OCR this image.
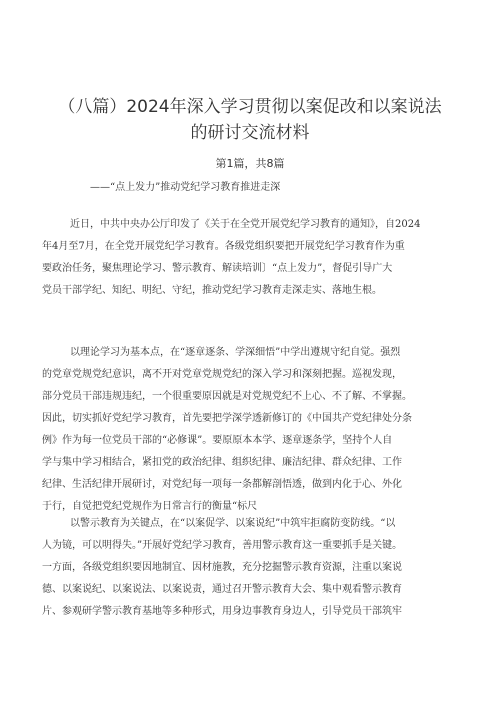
（八篇）2024年深入学习贯彻以案促改和以案说法
的研讨交流材料
第1篇，共8篇
——“点上发力”推动党纪学习教育推进走深

近日，中共中央办公厅印发了《关于在全党开展党纪学习教育的通知》，自2024
年4月至7月，在全党开展党纪学习教育。各级党组织要把开展党纪学习教育作为重
要政治任务，聚焦理论学习、警示教育、解读培训〕“点上发力”，督促引导广大
党员干部学纪、知纪、明纪、守纪，推动党纪学习教育走深走实、落地生根。

以理论学习为基本点，在“逐章逐条、学深细悟”中学出遵规守纪自觉。强烈
的党章党规党纪意识，离不开对党章党规党纪的深入学习和深刻把握。巡视发现，
部分党员干部违规违纪，一个很重要原因就是对党规党纪不上心、不了解、不掌握。
因此，切实抓好党纪学习教育，首先要把学深学透新修订的《中国共产党纪律处分条
例》作为每一位党员干部的“必修课”。要原原本本学、逐章逐条学，坚持个人自
学与集中学习相结合，紧扣党的政治纪律、组织纪律、廉洁纪律、群众纪律、工作
纪律、生活纪律开展研讨，对党纪每一项每一条都解剖悟透，做到内化于心、外化
于行，自觉把党纪党规作为日常言行的衡量“标尺

以警示教育为关键点，在“以案促学、以案说纪”中筑牢拒腐防变防线。“以
人为镜，可以明得失。”开展好党纪学习教育，善用警示教育这一重要抓手是关键。
一方面，各级党组织要因地制宜、因材施教，充分挖掘警示教育资源，注重以案说
德、以案说纪、以案说法、以案说责，通过召开警示教育大会、集中观看警示教育
片、参观研学警示教育基地等多种形式，用身边事教育身边人，引导党员干部筑牢
